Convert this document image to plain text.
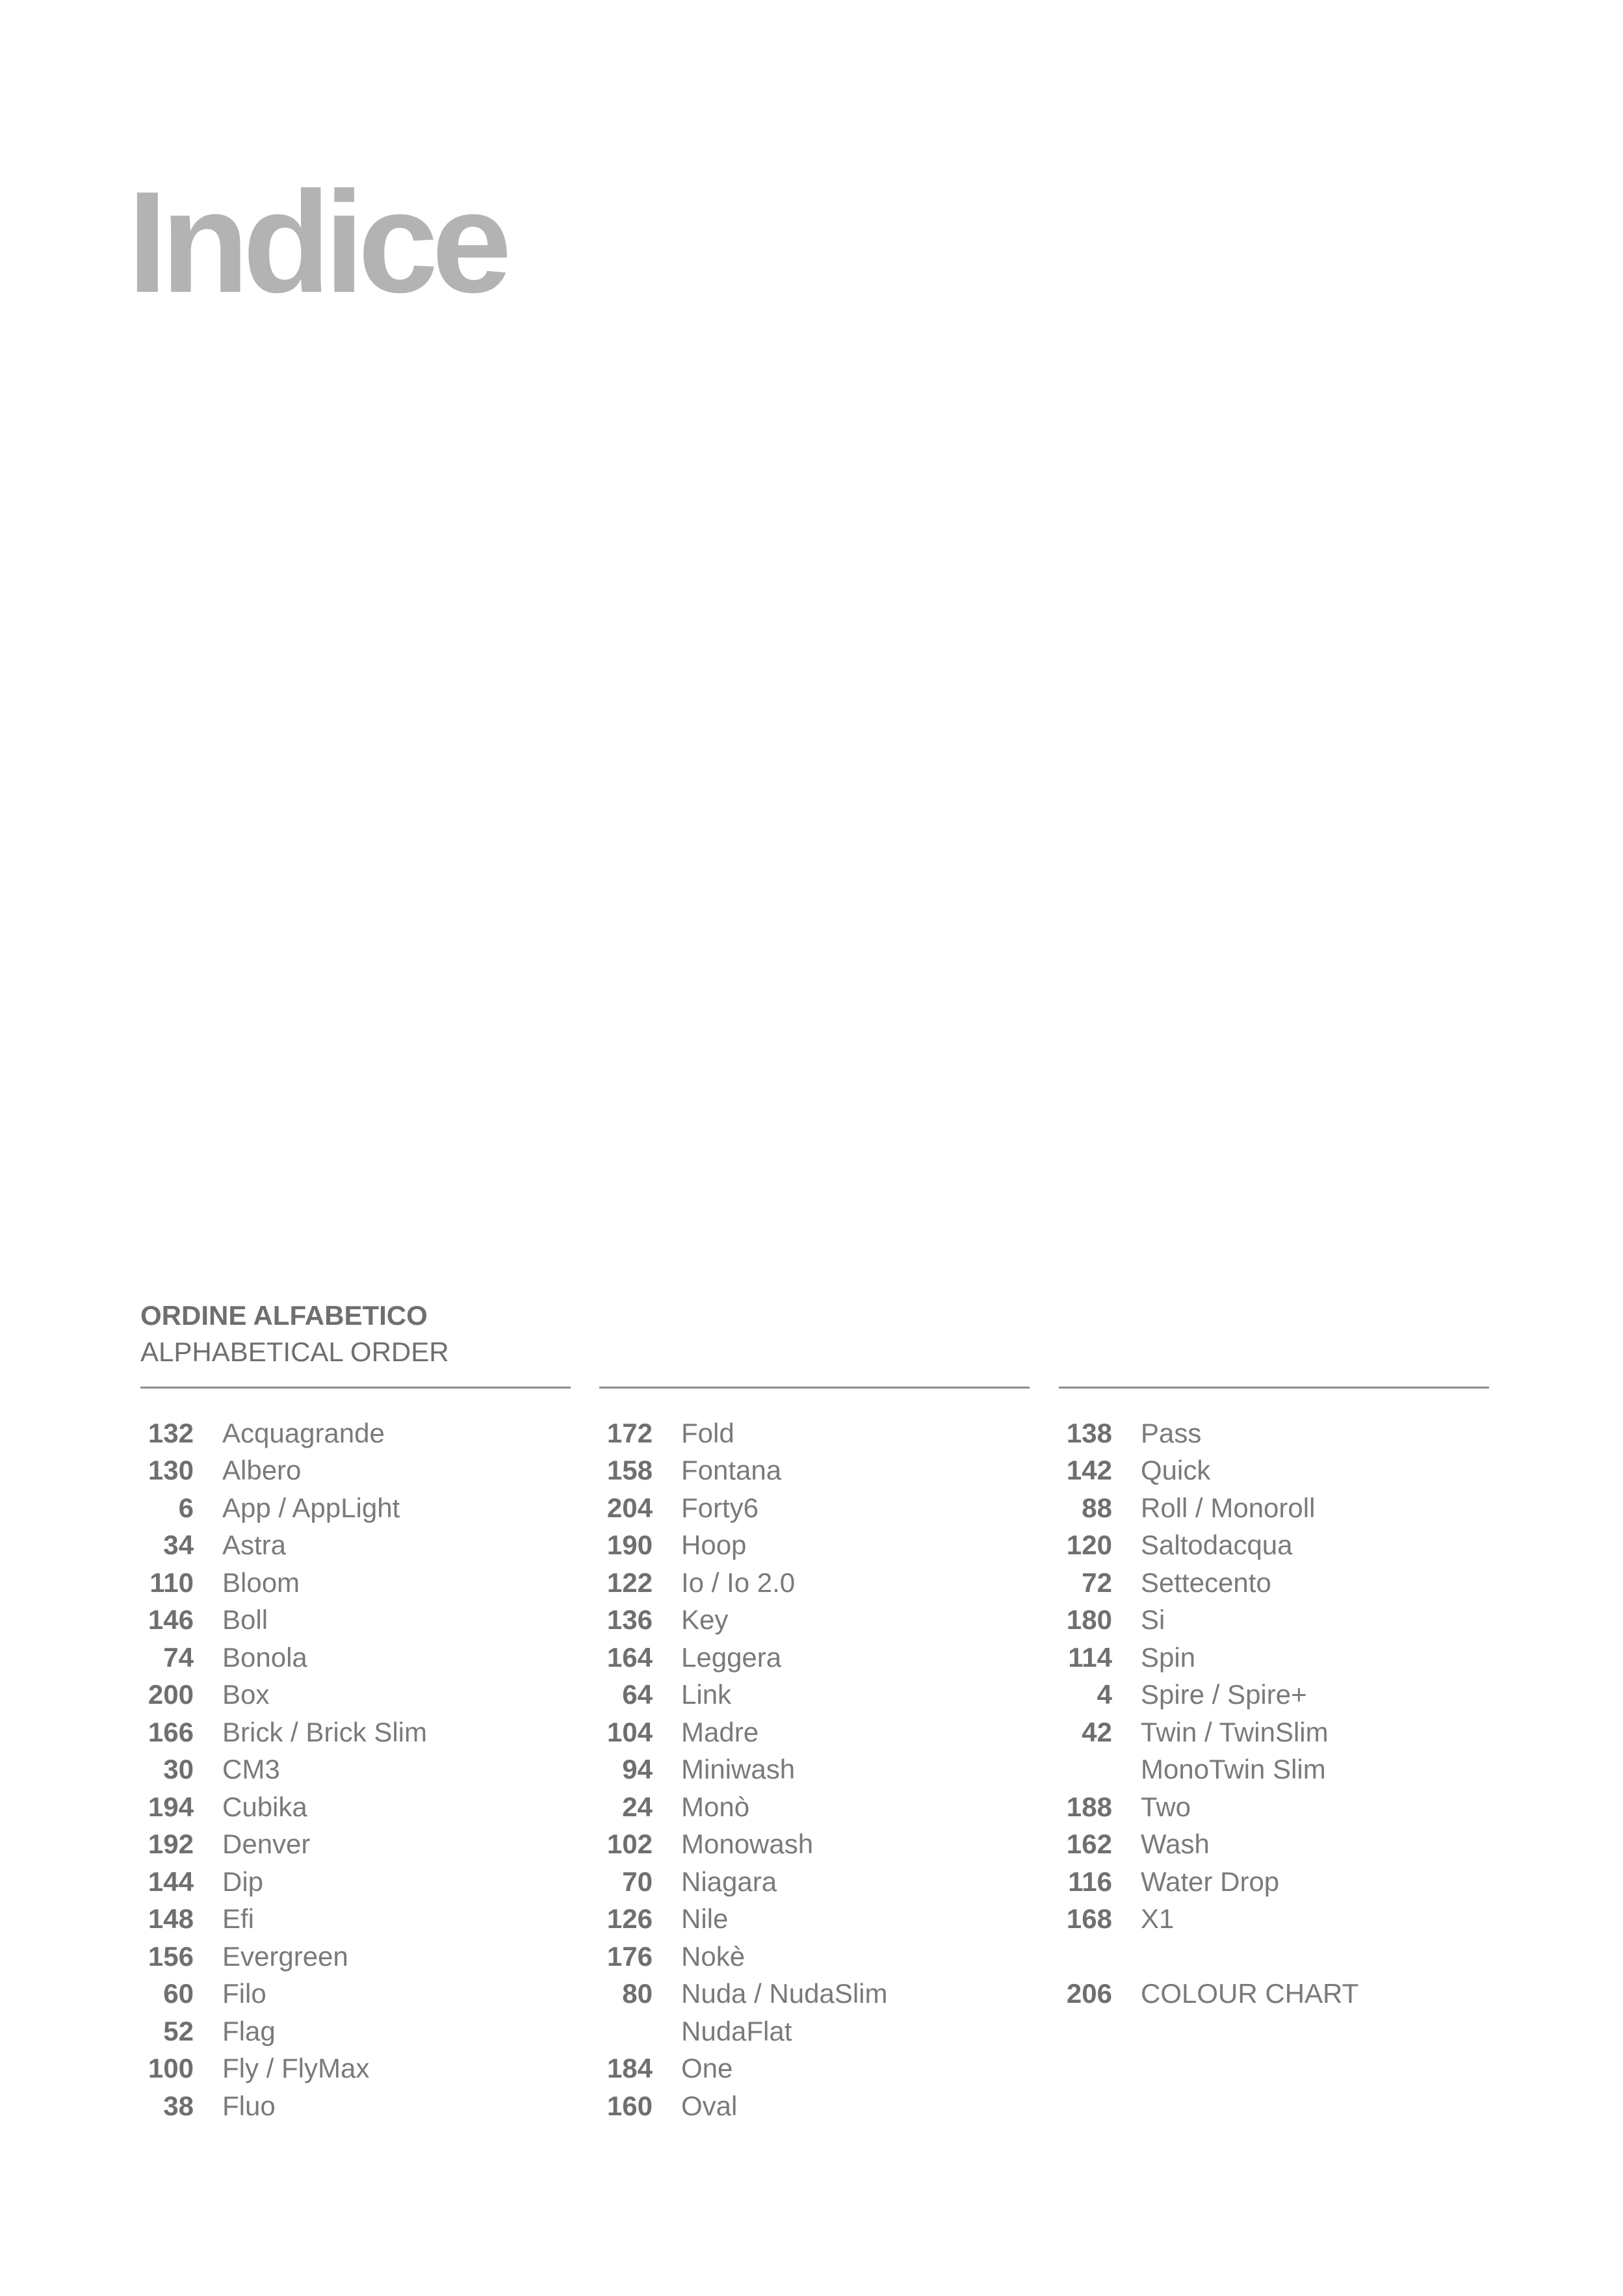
Indice
ORDINE ALFABETICO
ALPHABETICAL ORDER
132 Acquagrande
130 Albero
6 App / AppLight
34 Astra
110 Bloom
146 Boll
74 Bonola
200 Box
166 Brick / Brick Slim
30 CM3
194 Cubika
192 Denver
144 Dip
148 Efi
156 Evergreen
60 Filo
52 Flag
100 Fly / FlyMax
38 Fluo
172 Fold
158 Fontana
204 Forty6
190 Hoop
122 Io / Io 2.0
136 Key
164 Leggera
64 Link
104 Madre
94 Miniwash
24 Monò
102 Monowash
70 Niagara
126 Nile
176 Nokè
80 Nuda / NudaSlim
NudaFlat
184 One
160 Oval
138 Pass
142 Quick
88 Roll / Monoroll
120 Saltodacqua
72 Settecento
180 Si
114 Spin
4 Spire / Spire+
42 Twin / TwinSlim
MonoTwin Slim
188 Two
162 Wash
116 Water Drop
168 X1
206 COLOUR CHART
